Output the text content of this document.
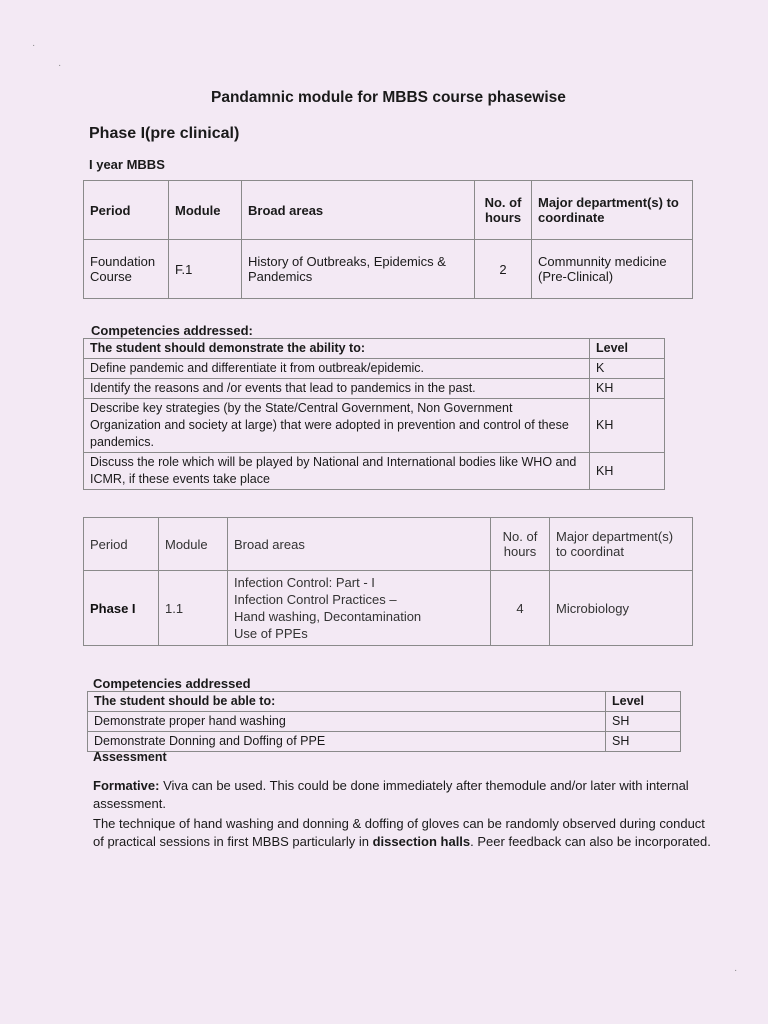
Pandamnic module for MBBS course phasewise
Phase I(pre clinical)
I year MBBS
Period	Module	Broad areas	No. of hours	Major department(s) to coordinate
Foundation Course	F.1	History of Outbreaks, Epidemics & Pandemics	2	Communnity medicine (Pre-Clinical)
Competencies addressed:
The student should demonstrate the ability to:	Level
Define pandemic and differentiate it from outbreak/epidemic.	K
Identify the reasons and /or events that lead to pandemics in the past.	KH
Describe key strategies (by the State/Central Government, Non Government Organization and society at large) that were adopted in prevention and control of these pandemics.	KH
Discuss the role which will be played by National and International bodies like WHO and ICMR, if these events take place	KH
Period	Module	Broad areas	No. of hours	Major department(s) to coordinat
Phase I	1.1	Infection Control: Part - I
Infection Control Practices –
Hand washing, Decontamination
Use of PPEs	4	Microbiology
Competencies addressed
The student should be able to:	Level
Demonstrate proper hand washing	SH
Demonstrate Donning and Doffing of PPE	SH
Assessment
Formative: Viva can be used. This could be done immediately after themodule and/or later with internal assessment.
The technique of hand washing and donning & doffing of gloves can be randomly observed during conduct of practical sessions in first MBBS particularly in dissection halls. Peer feedback can also be incorporated.
·
·
·
